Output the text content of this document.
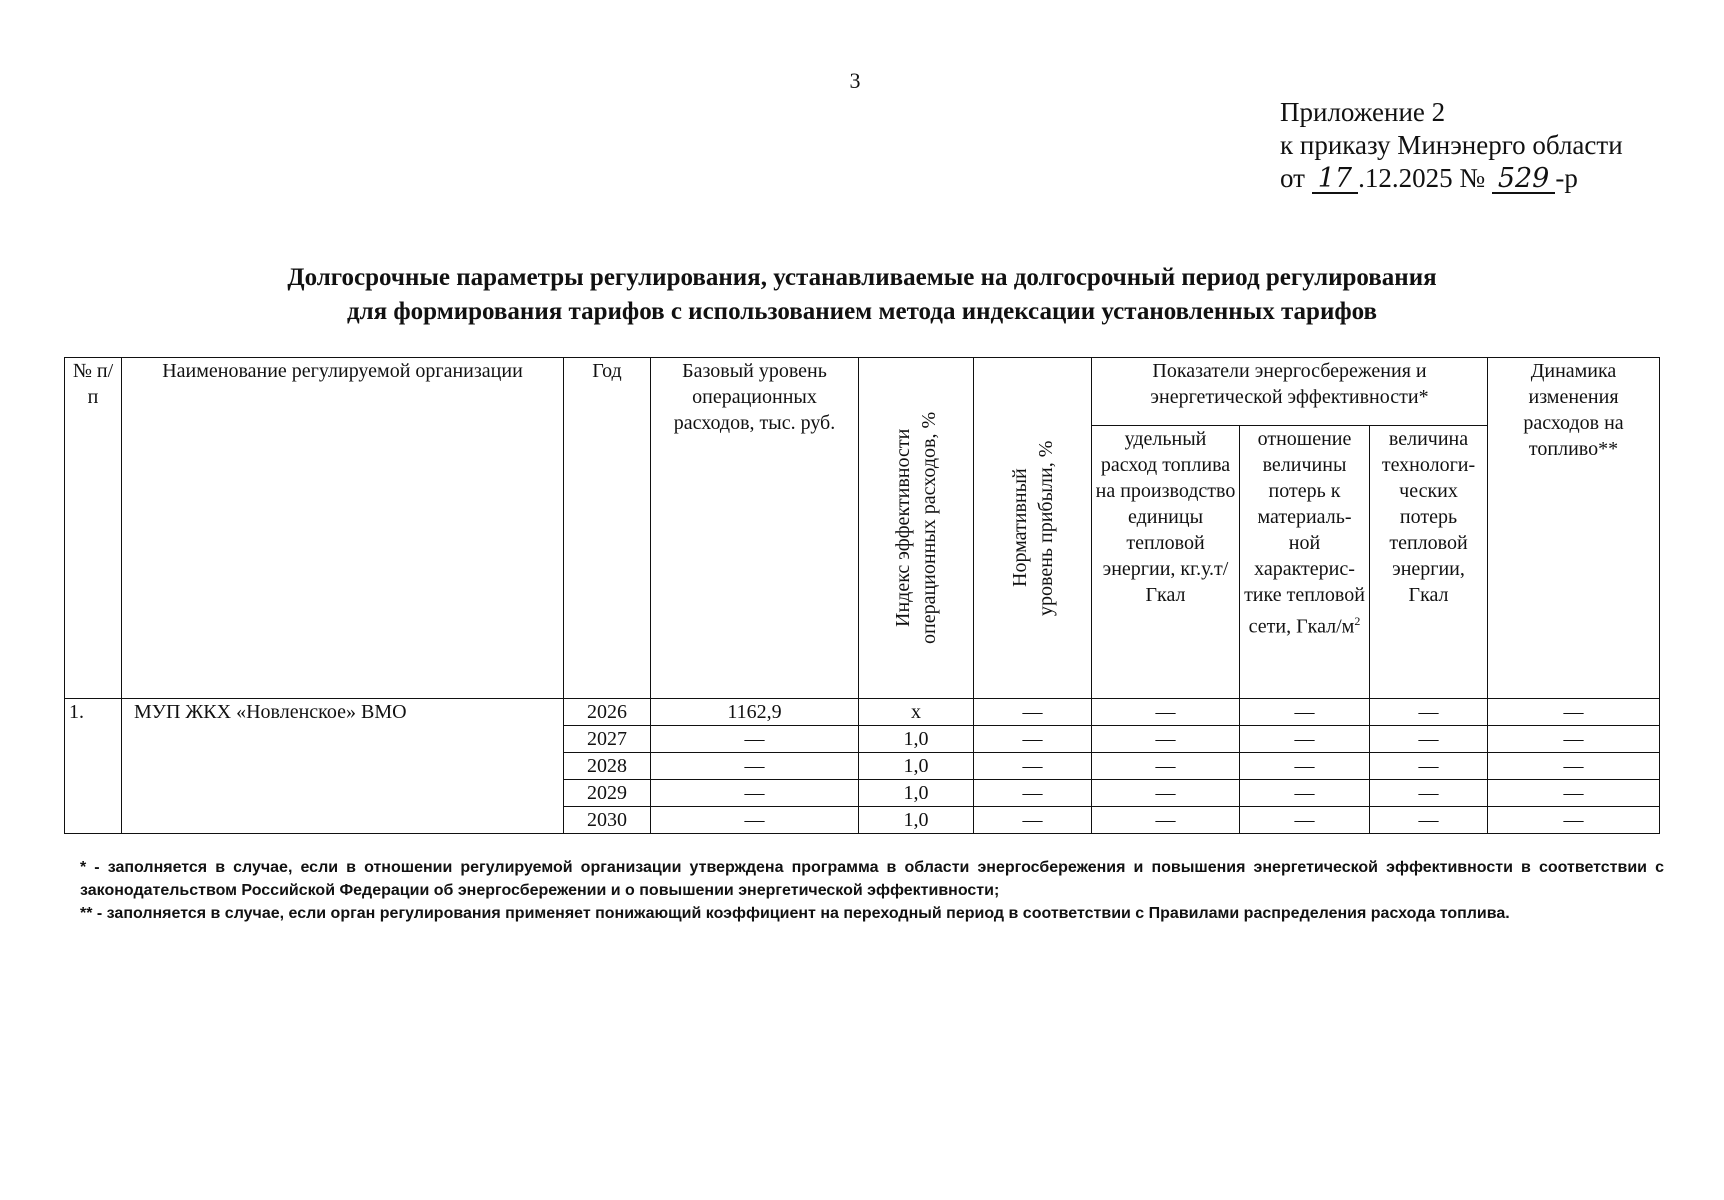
3
Приложение 2
к приказу Минэнерго области
от 17 .12.2025 № 529 -р
Долгосрочные параметры регулирования, устанавливаемые на долгосрочный период регулирования
для формирования тарифов с использованием метода индексации установленных тарифов
№ п/п	Наименование регулируемой организации	Год	Базовый уровень операционных расходов, тыс. руб.	Индекс эффективности операционных расходов, %	Нормативный уровень прибыли, %	Показатели энергосбережения и энергетической эффективности*			Динамика изменения расходов на топливо**
						удельный расход топлива на производство единицы тепловой энергии, кг.у.т/Гкал	отношение величины потерь к материаль-ной характерис-тике тепловой сети, Гкал/$м^2$	величина технологи-ческих потерь тепловой энергии, Гкал	
1.	МУП ЖКХ «Новленское» ВМО	2026	1162,9	x	—	—	—	—	—
		2027	—	1,0	—	—	—	—	—
		2028	—	1,0	—	—	—	—	—
		2029	—	1,0	—	—	—	—	—
		2030	—	1,0	—	—	—	—	—

* - заполняется в случае, если в отношении регулируемой организации утверждена программа в области энергосбережения и повышения энергетической эффективности в соответствии с законодательством Российской Федерации об энергосбережении и о повышении энергетической эффективности;

** - заполняется в случае, если орган регулирования применяет понижающий коэффициент на переходный период в соответствии с Правилами распределения расхода топлива.
